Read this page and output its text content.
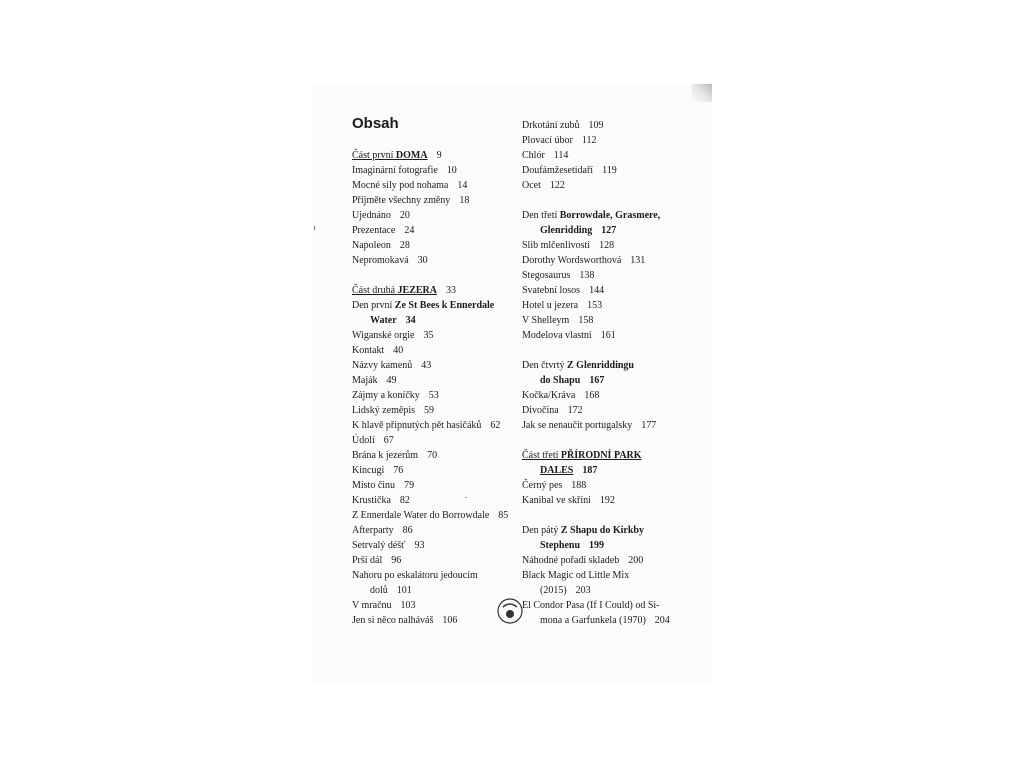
Obsah
Část první DOMA 9
Imaginární fotografie 10
Mocné síly pod nohama 14
Přijměte všechny změny 18
Ujednáno 20
Prezentace 24
Napoleon 28
Nepromokavá 30
Část druhá JEZERA 33
Den první Ze St Bees k Ennerdale
Water 34
Wiganské orgie 35
Kontakt 40
Názvy kamenů 43
Maják 49
Zájmy a koníčky 53
Lidský zeměpis 59
K hlavě připnutých pět hasičáků 62
Údolí 67
Brána k jezerům 70
Kincugi 76
Místo činu 79
Krustička 82
Z Ennerdale Water do Borrowdale 85
Afterparty 86
Setrvalý déšť 93
Prší dál 96
Nahoru po eskalátoru jedoucím
dolů 101
V mračnu 103
Jen si něco nalháváš 106
Drkotání zubů 109
Plovací úbor 112
Chlór 114
Doufámžesetidaří 119
Ocet 122
Den třetí Borrowdale, Grasmere,
Glenridding 127
Slib mlčenlivosti 128
Dorothy Wordsworthová 131
Stegosaurus 138
Svatební losos 144
Hotel u jezera 153
V Shelleym 158
Modelova vlastní 161
Den čtvrtý Z Glenriddingu
do Shapu 167
Kočka/Kráva 168
Divočina 172
Jak se nenaučit portugalsky 177
Část třetí PŘÍRODNÍ PARK
DALES 187
Černý pes 188
Kanibal ve skříni 192
Den pátý Z Shapu do Kirkby
Stephenu 199
Náhodné pořadí skladeb 200
Black Magic od Little Mix
(2015) 203
El Condor Pasa (If I Could) od Si-
mona a Garfunkela (1970) 204
